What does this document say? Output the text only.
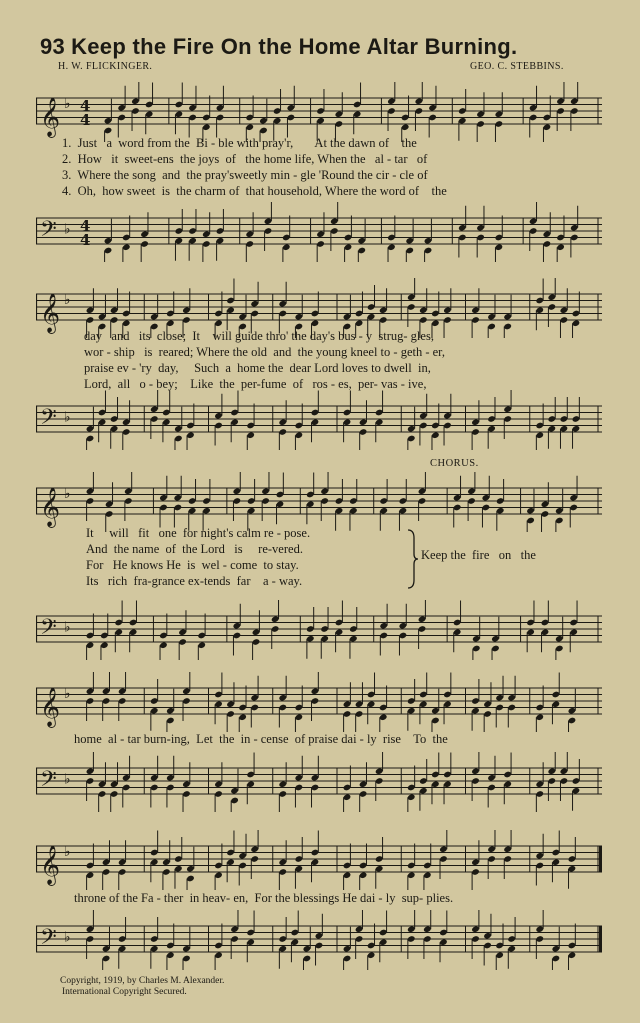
93 Keep the Fire On the Home Altar Burning.
H. W. FLICKINGER.	GEO. C. STEBBINS.
𝄞 ♭ 4
4
𝄢 ♭ 4
4
𝄞 ♭
𝄢 ♭
𝄞 ♭
𝄢 ♭
𝄞 ♭
𝄢 ♭
𝄞 ♭
𝄢 ♭
1.  Just   a  word from the  Bi - ble with pray'r,       At the dawn of    the
2.  How   it  sweet-ens  the joys  of   the home life, When the   al - tar   of
3.  Where the song  and  the pray'sweetly min - gle 'Round the cir - cle of
4.  Oh,  how sweet  is  the charm of  that household, Where the word of    the
day   and   its  close;  It    will guide thro' the day's bus - y  strug- gles,
wor - ship   is  reared; Where the old  and  the young kneel to - geth - er,
praise ev - 'ry  day,     Such  a  home the  dear Lord loves to dwell  in,
Lord,  all   o - bey;    Like  the  per-fume  of   ros - es,  per- vas - ive,
CHORUS.
It     will   fit   one  for night's calm re - pose.
And  the name  of  the Lord   is     re-vered.
For   He knows He  is  wel - come  to stay.
Its   rich  fra-grance ex-tends  far    a - way.
Keep the  fire   on   the
home  al - tar burn-ing,  Let  the  in - cense  of praise dai - ly  rise    To  the
throne of the Fa - ther  in heav- en,  For the blessings He dai - ly  sup- plies.
Copyright, 1919, by Charles M. Alexander.
International Copyright Secured.
